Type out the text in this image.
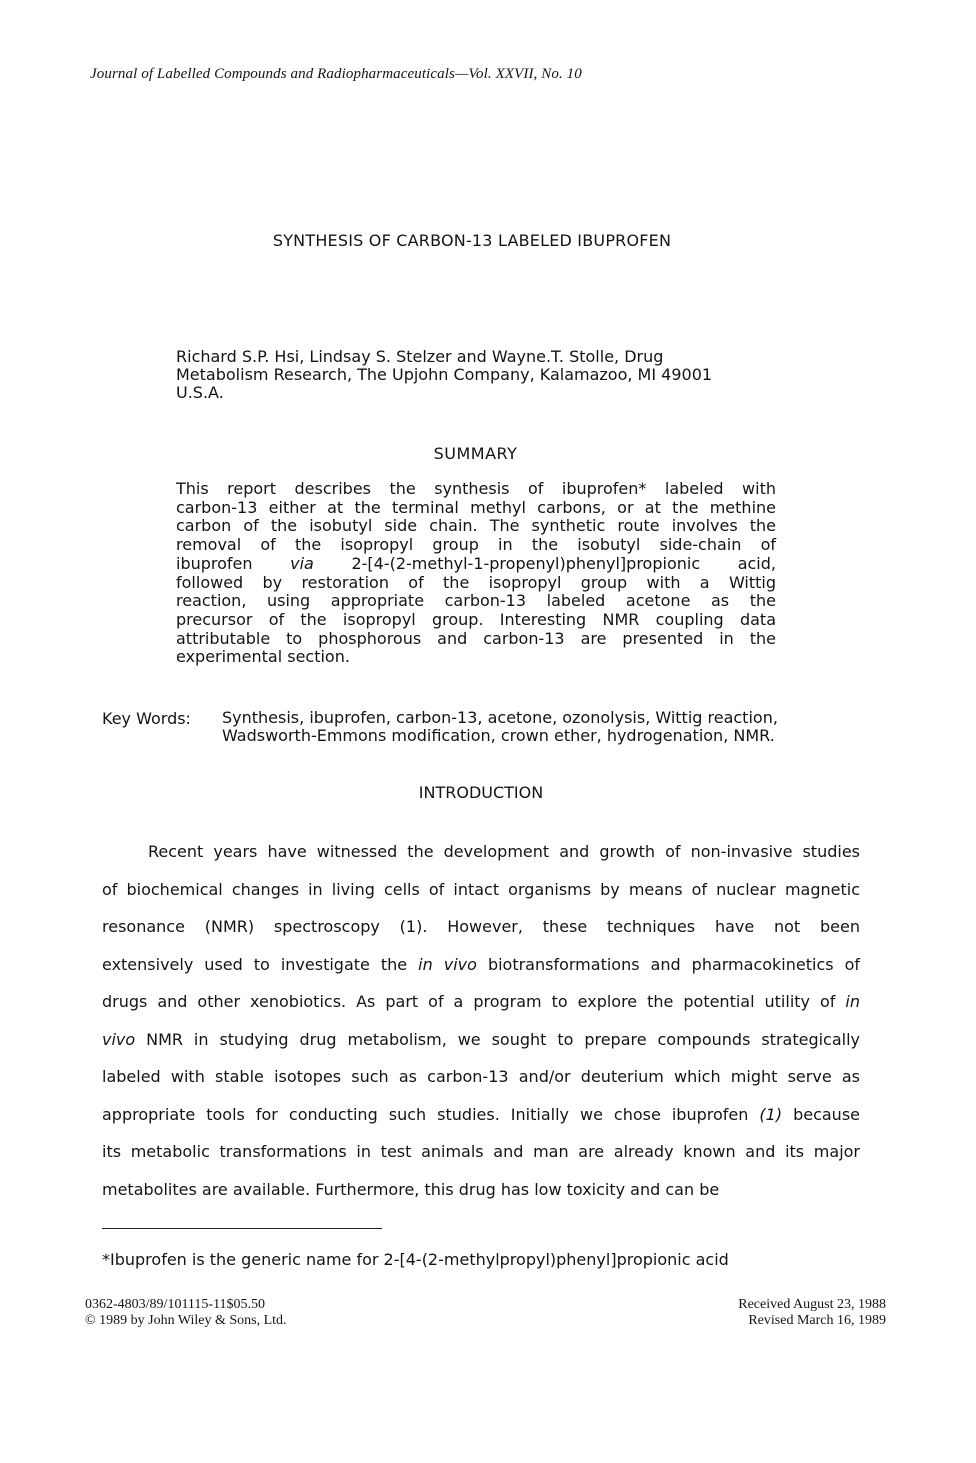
Journal of Labelled Compounds and Radiopharmaceuticals—Vol. XXVII, No. 10
SYNTHESIS OF CARBON-13 LABELED IBUPROFEN
Richard S.P. Hsi, Lindsay S. Stelzer and Wayne.T. Stolle, Drug
Metabolism Research, The Upjohn Company, Kalamazoo, MI 49001
U.S.A.
SUMMARY
This report describes the synthesis of ibuprofen* labeled with
carbon-13 either at the terminal methyl carbons, or at the methine
carbon of the isobutyl side chain. The synthetic route involves the
removal of the isopropyl group in the isobutyl side-chain of
ibuprofen via 2-[4-(2-methyl-1-propenyl)phenyl]propionic acid,
followed by restoration of the isopropyl group with a Wittig
reaction, using appropriate carbon-13 labeled acetone as the
precursor of the isopropyl group. Interesting NMR coupling data
attributable to phosphorous and carbon-13 are presented in the
experimental section.
Key Words: Synthesis, ibuprofen, carbon-13, acetone, ozonolysis, Wittig reaction,
Wadsworth-Emmons modification, crown ether, hydrogenation, NMR.
INTRODUCTION
Recent years have witnessed the development and growth of non-invasive studies
of biochemical changes in living cells of intact organisms by means of nuclear magnetic
resonance (NMR) spectroscopy (1). However, these techniques have not been
extensively used to investigate the in vivo biotransformations and pharmacokinetics of
drugs and other xenobiotics. As part of a program to explore the potential utility of in
vivo NMR in studying drug metabolism, we sought to prepare compounds strategically
labeled with stable isotopes such as carbon-13 and/or deuterium which might serve as
appropriate tools for conducting such studies. Initially we chose ibuprofen (1) because
its metabolic transformations in test animals and man are already known and its major
metabolites are available. Furthermore, this drug has low toxicity and can be
*Ibuprofen is the generic name for 2-[4-(2-methylpropyl)phenyl]propionic acid
0362-4803/89/101115-11$05.50
© 1989 by John Wiley & Sons, Ltd.
Received August 23, 1988
Revised March 16, 1989
